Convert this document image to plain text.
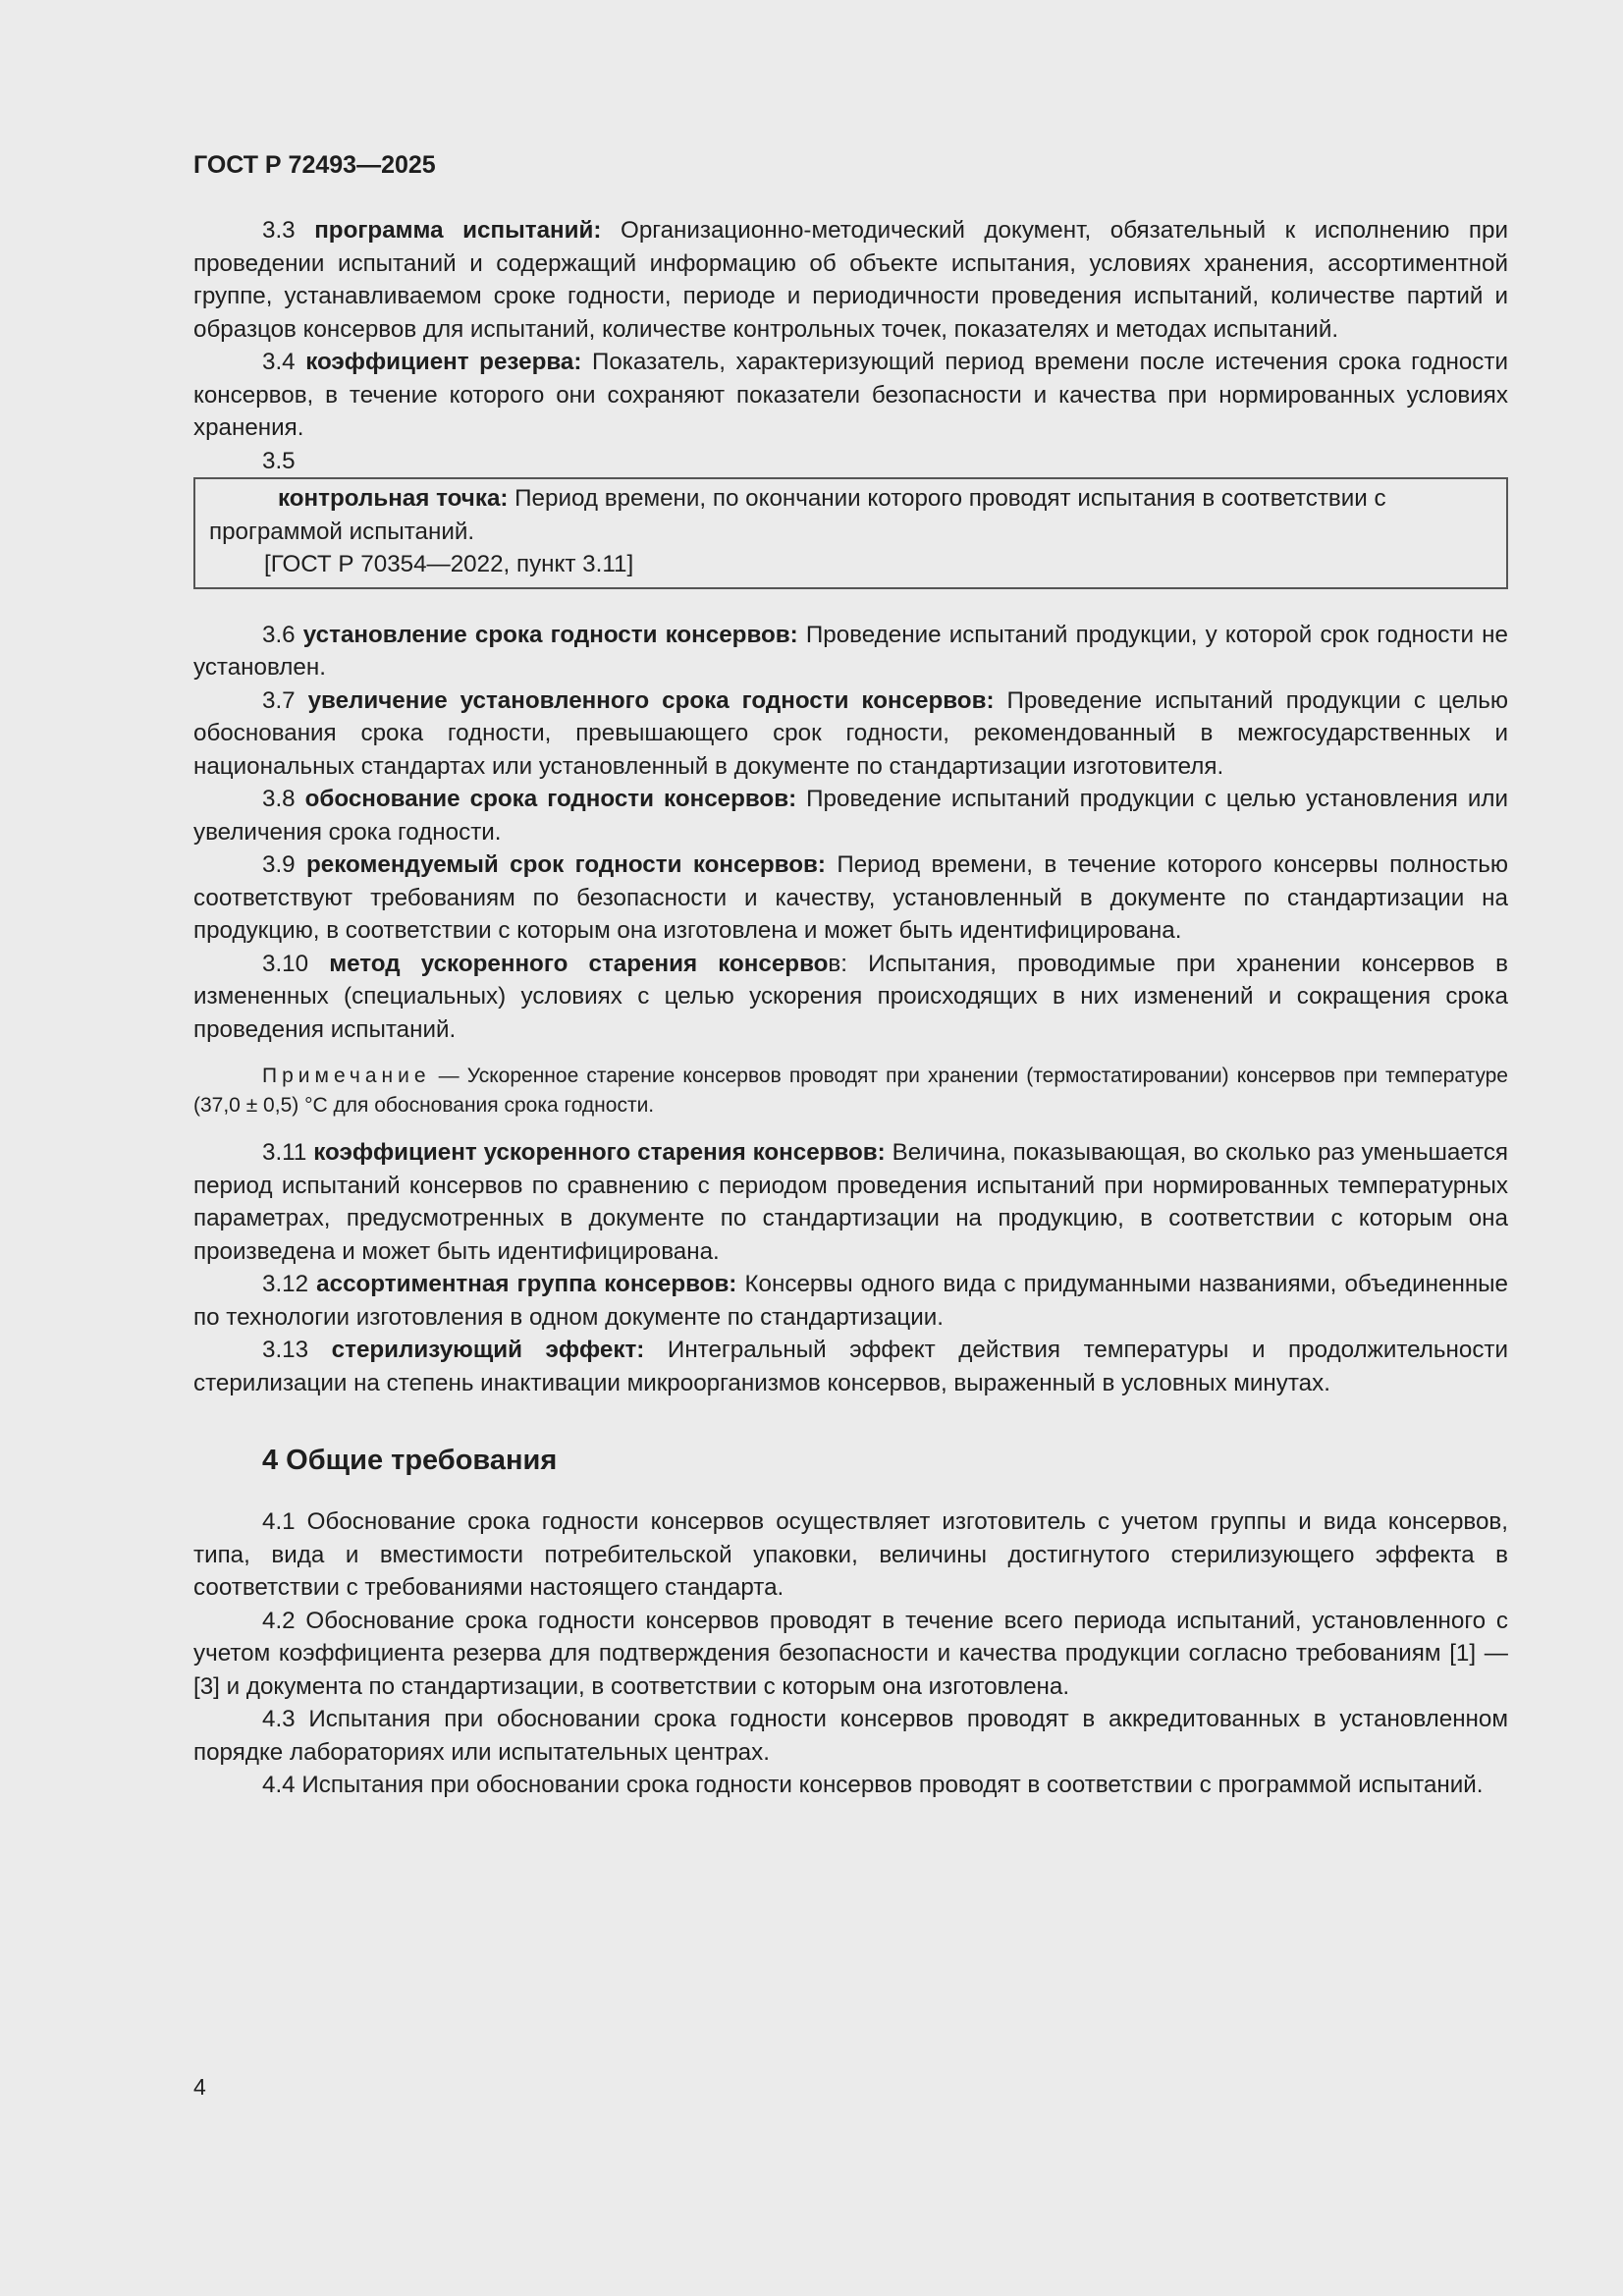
ГОСТ Р 72493—2025

3.3 программа испытаний: Организационно-методический документ, обязательный к исполнению при проведении испытаний и содержащий информацию об объекте испытания, условиях хранения, ассортиментной группе, устанавливаемом сроке годности, периоде и периодичности проведения испытаний, количестве партий и образцов консервов для испытаний, количестве контрольных точек, показателях и методах испытаний.

3.4 коэффициент резерва: Показатель, характеризующий период времени после истечения срока годности консервов, в течение которого они сохраняют показатели безопасности и качества при нормированных условиях хранения.

3.5

контрольная точка: Период времени, по окончании которого проводят испытания в соответствии с программой испытаний.

[ГОСТ Р 70354—2022, пункт 3.11]

3.6 установление срока годности консервов: Проведение испытаний продукции, у которой срок годности не установлен.

3.7 увеличение установленного срока годности консервов: Проведение испытаний продукции с целью обоснования срока годности, превышающего срок годности, рекомендованный в межгосударственных и национальных стандартах или установленный в документе по стандартизации изготовителя.

3.8 обоснование срока годности консервов: Проведение испытаний продукции с целью установления или увеличения срока годности.

3.9 рекомендуемый срок годности консервов: Период времени, в течение которого консервы полностью соответствуют требованиям по безопасности и качеству, установленный в документе по стандартизации на продукцию, в соответствии с которым она изготовлена и может быть идентифицирована.

3.10 метод ускоренного старения консервов: Испытания, проводимые при хранении консервов в измененных (специальных) условиях с целью ускорения происходящих в них изменений и сокращения срока проведения испытаний.

Примечание — Ускоренное старение консервов проводят при хранении (термостатировании) консервов при температуре (37,0 ± 0,5) °С для обоснования срока годности.

3.11 коэффициент ускоренного старения консервов: Величина, показывающая, во сколько раз уменьшается период испытаний консервов по сравнению с периодом проведения испытаний при нормированных температурных параметрах, предусмотренных в документе по стандартизации на продукцию, в соответствии с которым она произведена и может быть идентифицирована.

3.12 ассортиментная группа консервов: Консервы одного вида с придуманными названиями, объединенные по технологии изготовления в одном документе по стандартизации.

3.13 стерилизующий эффект: Интегральный эффект действия температуры и продолжительности стерилизации на степень инактивации микроорганизмов консервов, выраженный в условных минутах.

4 Общие требования

4.1 Обоснование срока годности консервов осуществляет изготовитель с учетом группы и вида консервов, типа, вида и вместимости потребительской упаковки, величины достигнутого стерилизующего эффекта в соответствии с требованиями настоящего стандарта.

4.2 Обоснование срока годности консервов проводят в течение всего периода испытаний, установленного с учетом коэффициента резерва для подтверждения безопасности и качества продукции согласно требованиям [1] — [3] и документа по стандартизации, в соответствии с которым она изготовлена.

4.3 Испытания при обосновании срока годности консервов проводят в аккредитованных в установленном порядке лабораториях или испытательных центрах.

4.4 Испытания при обосновании срока годности консервов проводят в соответствии с программой испытаний.

4
